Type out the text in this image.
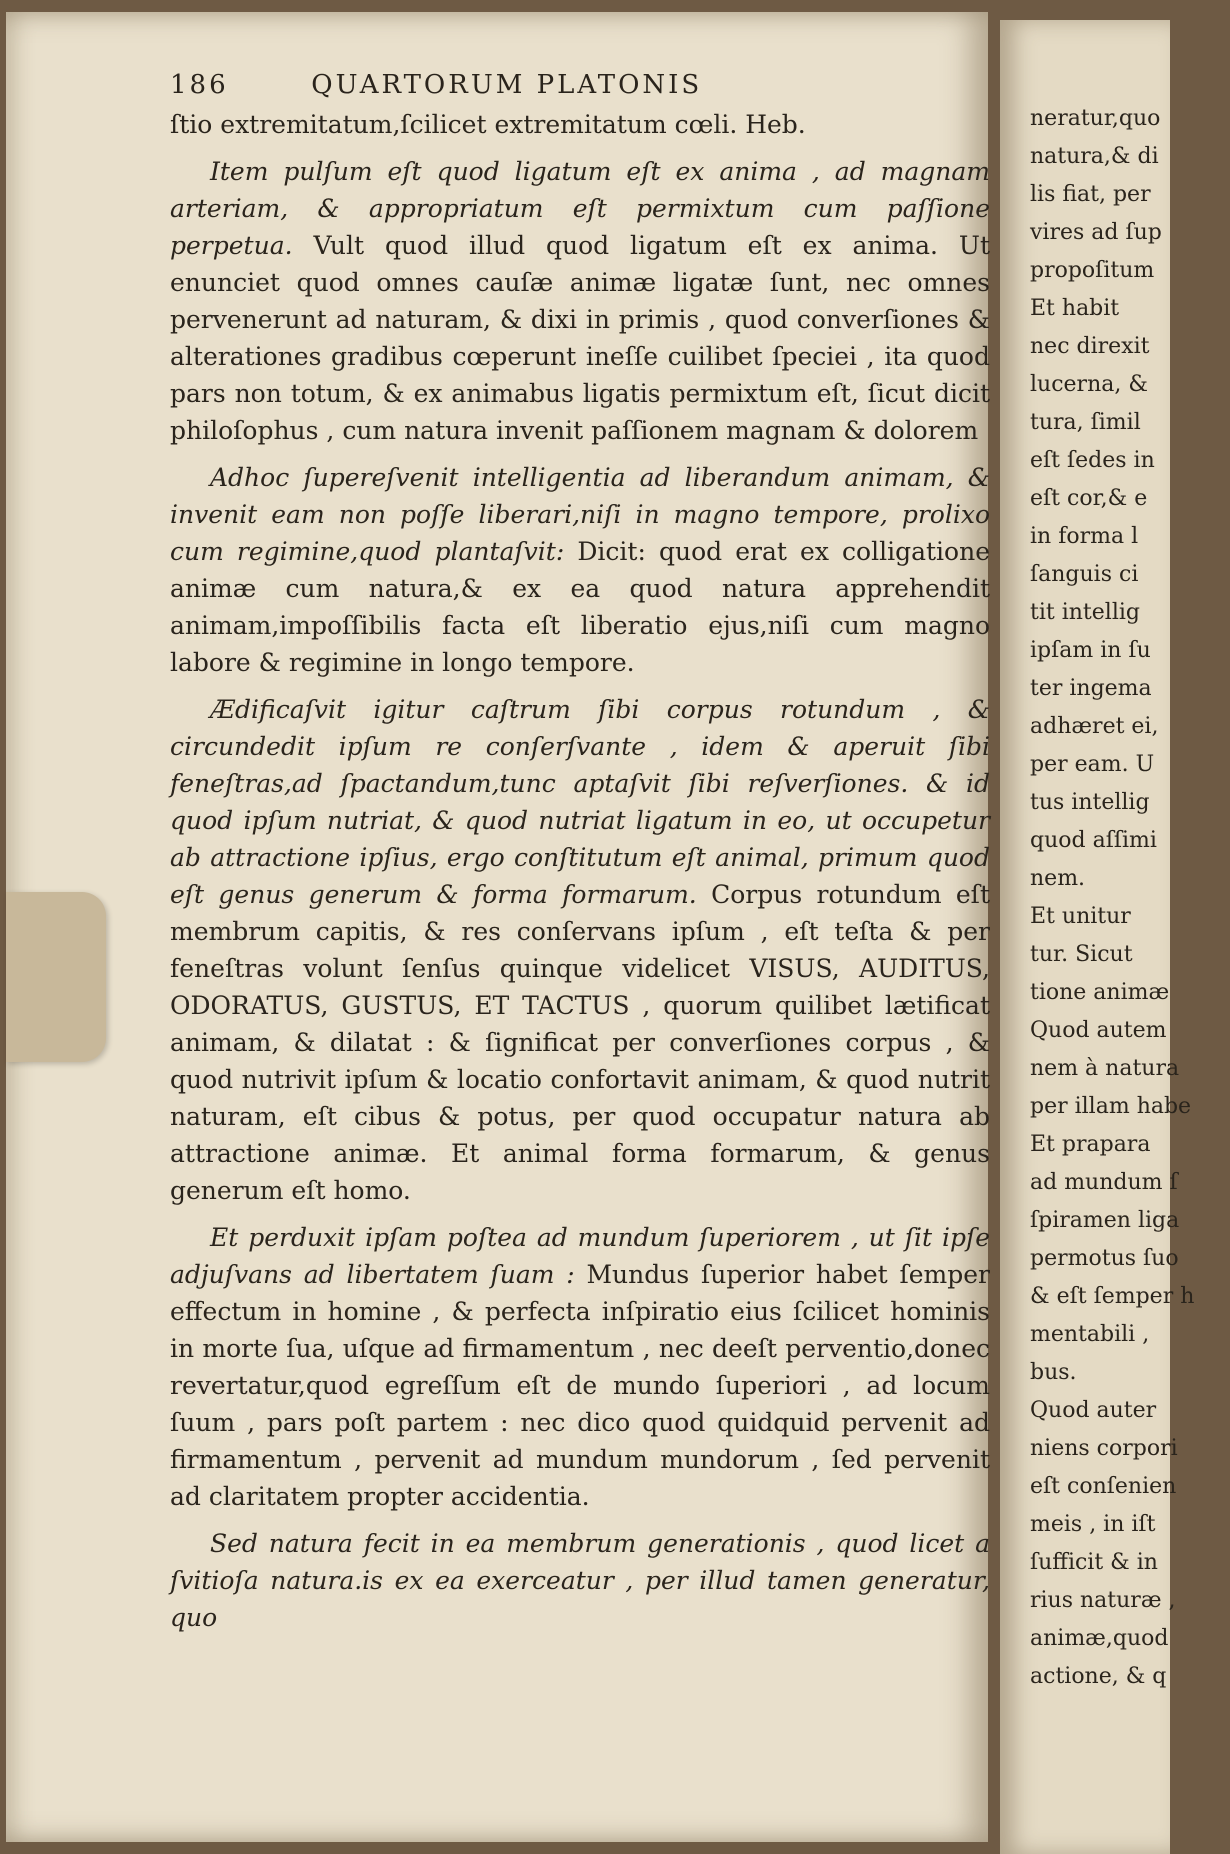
neratur,quo
natura,& di
lis fiat, per
vires ad ſup
propoſitum
Et habit
nec direxit
lucerna, &
tura, ſimil
eſt ſedes in
eſt cor,& e
in forma l
ſanguis ci
tit intellig
ipſam in ſu
ter ingema
adhæret ei,
per eam. U
tus intellig
quod aſſimi
nem.
Et unitur
tur. Sicut
tione animæ
Quod autem
nem à natura
per illam habe
Et prapara
ad mundum ſ
ſpiramen liga
permotus ſuo
& eſt ſemper h
mentabili ,
bus.
Quod auter
niens corpori
eſt conſenien
meis , in iſt
ſufficit & in
rius naturæ ,
animæ,quod
actione, & q
186	QUARTORUM PLATONIS

ſtio extremitatum,ſcilicet extremitatum cœli. Heb.

Item pulſum eſt quod ligatum eſt ex anima , ad magnam arteriam, & appropriatum eſt permixtum cum paſſione perpetua. Vult quod illud quod ligatum eſt ex anima. Ut enunciet quod omnes cauſæ animæ ligatæ ſunt, nec omnes pervenerunt ad naturam, & dixi in primis , quod converſiones & alterationes gradibus cœperunt ineſſe cuilibet ſpeciei , ita quod pars non totum, & ex animabus ligatis permixtum eſt, ſicut dicit philoſophus , cum natura invenit paſſionem magnam & dolorem

Adhoc ſupereſvenit intelligentia ad liberandum animam, & invenit eam non poſſe liberari,niſi in magno tempore, prolixo cum regimine,quod plantaſvit: Dicit: quod erat ex colligatione animæ cum natura,& ex ea quod natura apprehendit animam,impoſſibilis facta eſt liberatio ejus,niſi cum magno labore & regimine in longo tempore.

Ædificaſvit igitur caſtrum ſibi corpus rotundum , & circundedit ipſum re conſerſvante , idem & aperuit ſibi feneſtras,ad ſpactandum,tunc aptaſvit ſibi reſverſiones. & id quod ipſum nutriat, & quod nutriat ligatum in eo, ut occupetur ab attractione ipſius, ergo conſtitutum eſt animal, primum quod eſt genus generum & forma formarum. Corpus rotundum eſt membrum capitis, & res conſervans ipſum , eſt teſta & per feneſtras volunt ſenſus quinque videlicet VISUS, AUDITUS, ODORATUS, GUSTUS, ET TACTUS , quorum quilibet lætificat animam, & dilatat : & ſignificat per converſiones corpus , & quod nutrivit ipſum & locatio confortavit animam, & quod nutrit naturam, eſt cibus & potus, per quod occupatur natura ab attractione animæ. Et animal forma formarum, & genus generum eſt homo.

Et perduxit ipſam poſtea ad mundum ſuperiorem , ut ſit ipſe adjuſvans ad libertatem ſuam : Mundus ſuperior habet ſemper effectum in homine , & perfecta inſpiratio eius ſcilicet hominis in morte ſua, uſque ad firmamentum , nec deeſt perventio,donec revertatur,quod egreſſum eſt de mundo ſuperiori , ad locum ſuum , pars poſt partem : nec dico quod quidquid pervenit ad firmamentum , pervenit ad mundum mundorum , ſed pervenit ad claritatem propter accidentia.

Sed natura fecit in ea membrum generationis , quod licet a ſvitioſa natura.is ex ea exerceatur , per illud tamen generatur, quo
